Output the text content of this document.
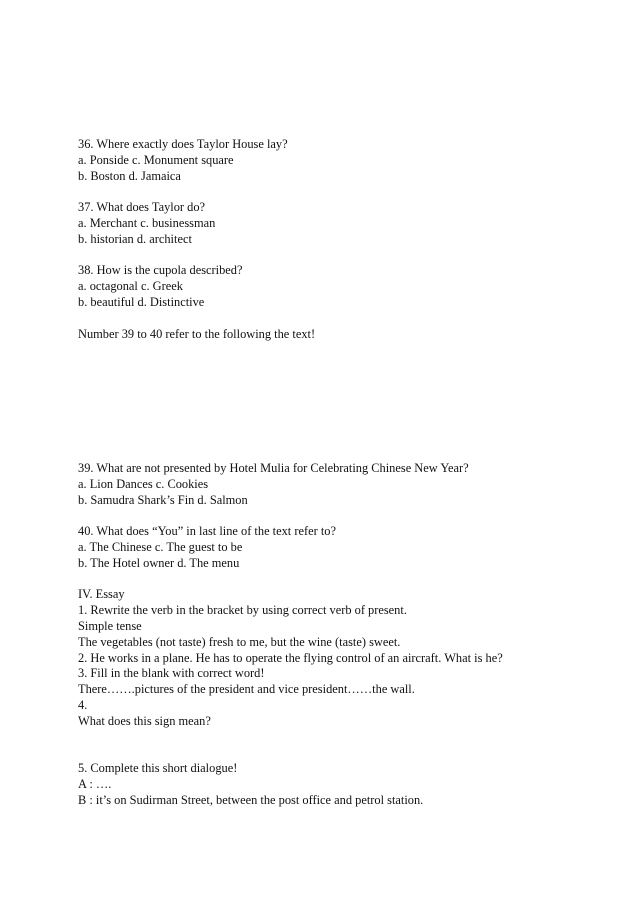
36. Where exactly does Taylor House lay?
a. Ponside c. Monument square
b. Boston d. Jamaica
37. What does Taylor do?
a. Merchant c. businessman
b. historian d. architect
38. How is the cupola described?
a. octagonal c. Greek
b. beautiful d. Distinctive
Number 39 to 40 refer to the following the text!
39. What are not presented by Hotel Mulia for Celebrating Chinese New Year?
a. Lion Dances c. Cookies
b. Samudra Shark’s Fin d. Salmon
40. What does “You” in last line of the text refer to?
a. The Chinese c. The guest to be
b. The Hotel owner d. The menu
IV. Essay
1. Rewrite the verb in the bracket by using correct verb of present.
Simple tense
The vegetables (not taste) fresh to me, but the wine (taste) sweet.
2. He works in a plane. He has to operate the flying control of an aircraft. What is he?
3. Fill in the blank with correct word!
There…….pictures of the president and vice president……the wall.
4.
What does this sign mean?
5. Complete this short dialogue!
A : ….
B : it’s on Sudirman Street, between the post office and petrol station.
